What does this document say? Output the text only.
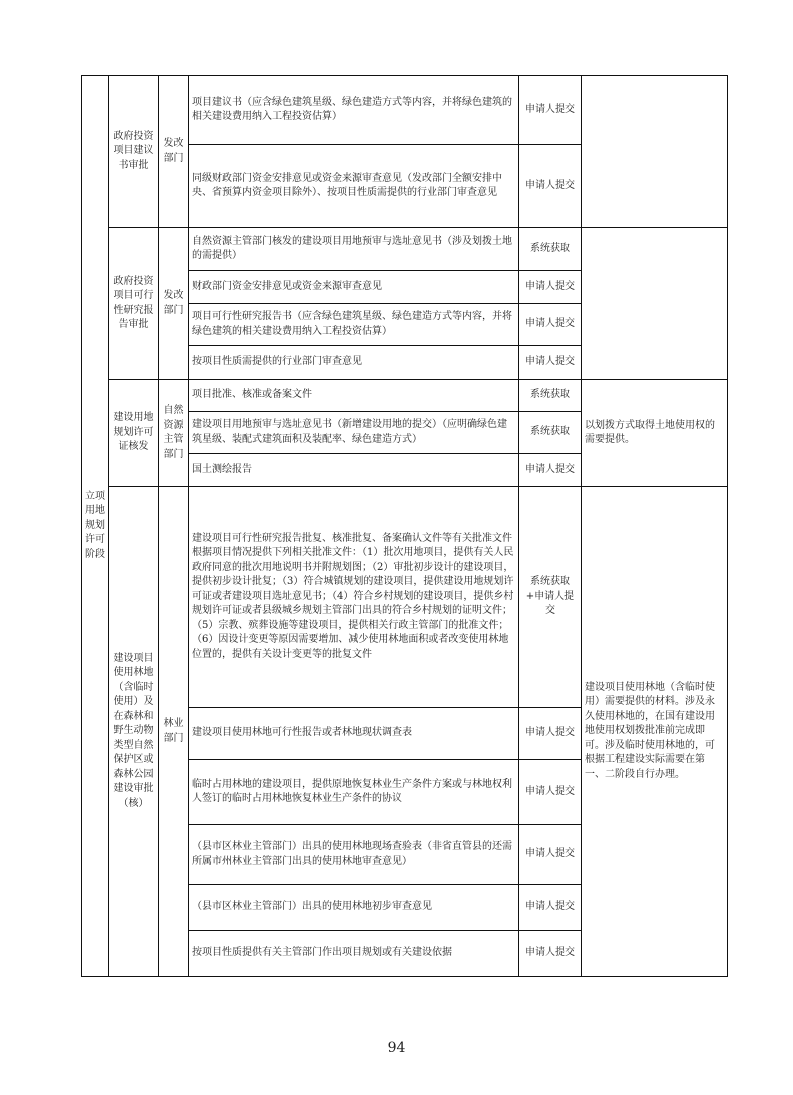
立项用地规划许可阶段	政府投资项目建议书审批	发改部门	项目建议书（应含绿色建筑星级、绿色建造方式等内容，并将绿色建筑的相关建设费用纳入工程投资估算）	申请人提交	
			同级财政部门资金安排意见或资金来源审查意见（发改部门全额安排中央、省预算内资金项目除外）、按项目性质需提供的行业部门审查意见	申请人提交	
	政府投资项目可行性研究报告审批	发改部门	自然资源主管部门核发的建设项目用地预审与选址意见书（涉及划拨土地的需提供）	系统获取	
			财政部门资金安排意见或资金来源审查意见	申请人提交	
			项目可行性研究报告书（应含绿色建筑星级、绿色建造方式等内容，并将绿色建筑的相关建设费用纳入工程投资估算）	申请人提交	
			按项目性质需提供的行业部门审查意见	申请人提交	
	建设用地规划许可证核发	自然资源主管部门	项目批准、核准或备案文件	系统获取	以划拨方式取得土地使用权的需要提供。
			建设项目用地预审与选址意见书（新增建设用地的提交）（应明确绿色建筑星级、装配式建筑面积及装配率、绿色建造方式）	系统获取	
			国土测绘报告	申请人提交	
	建设项目使用林地（含临时使用）及在森林和野生动物类型自然保护区或森林公园建设审批（核）	林业部门	建设项目可行性研究报告批复、核准批复、备案确认文件等有关批准文件根据项目情况提供下列相关批准文件：（1）批次用地项目，提供有关人民政府同意的批次用地说明书并附规划图；（2）审批初步设计的建设项目，提供初步设计批复；（3）符合城镇规划的建设项目，提供建设用地规划许可证或者建设项目选址意见书；（4）符合乡村规划的建设项目，提供乡村规划许可证或者县级城乡规划主管部门出具的符合乡村规划的证明文件；（5）宗教、殡葬设施等建设项目，提供相关行政主管部门的批准文件；（6）因设计变更等原因需要增加、减少使用林地面积或者改变使用林地位置的，提供有关设计变更等的批复文件	系统获取+申请人提交	建设项目使用林地（含临时使用）需要提供的材料。涉及永久使用林地的，在国有建设用地使用权划拨批准前完成即可。涉及临时使用林地的，可根据工程建设实际需要在第一、二阶段自行办理。
			建设项目使用林地可行性报告或者林地现状调查表	申请人提交	
			临时占用林地的建设项目，提供原地恢复林业生产条件方案或与林地权利人签订的临时占用林地恢复林业生产条件的协议	申请人提交	
			（县市区林业主管部门）出具的使用林地现场查验表（非省直管县的还需所属市州林业主管部门出具的使用林地审查意见）	申请人提交	
			（县市区林业主管部门）出具的使用林地初步审查意见	申请人提交	
			按项目性质提供有关主管部门作出项目规划或有关建设依据	申请人提交	
94
